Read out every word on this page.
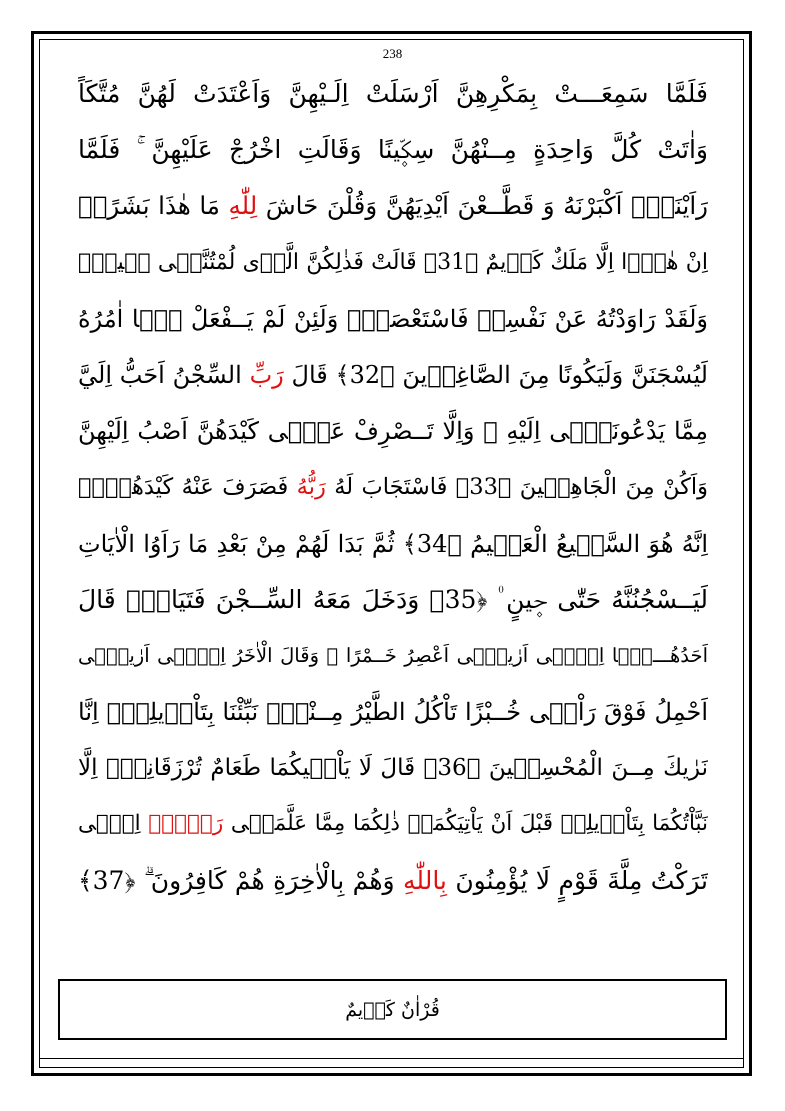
238
فَلَمَّا سَمِعَـــتْ بِمَكْرِهِنَّ اَرْسَلَتْ اِلَـيْهِنَّ وَاَعْتَدَتْ لَهُنَّ مُتَّكَاً
وَاٰتَتْ كُلَّ وَاحِدَةٍ مِــنْهُنَّ سِكّ۪ينًا وَقَالَتِ اخْرُجْ عَلَيْهِنَّ ۚ فَلَمَّا
رَاَيْنَهُۤ اَكْبَرْنَهُ وَ قَطَّــعْنَ اَيْدِيَهُنَّ وَقُلْنَ حَاشَ لِلّٰهِ مَا هٰذَا بَشَرًاۜ
اِنْ هٰذَۤا اِلَّا مَلَكٌ كَر۪يمٌ ﴿31﴾ قَالَتْ فَذٰلِكُنَّ الَّذ۪ى لُمْتُنَّن۪ى ف۪يهِۜ
وَلَقَدْ رَاوَدْتُهُ عَنْ نَفْسِه۪ فَاسْتَعْصَمَۜ وَلَئِنْ لَمْ يَــفْعَلْ مَۤا اٰمُرُهُ
لَيُسْجَنَنَّ وَلَيَكُونًا مِنَ الصَّاغِر۪ينَ ﴿32﴾ قَالَ رَبِّ السِّجْنُ اَحَبُّ اِلَيَّ
مِمَّا يَدْعُونَن۪ۤى اِلَيْهِ ۚ وَاِلَّا تَــصْرِفْ عَنّ۪ى كَيْدَهُنَّ اَصْبُ اِلَيْهِنَّ
وَاَكُنْ مِنَ الْجَاهِل۪ينَ ﴿33﴾ فَاسْتَجَابَ لَهُ رَبُّهُ فَصَرَفَ عَنْهُ كَيْدَهُنَّۜ
اِنَّهُ هُوَ السَّم۪يعُ الْعَل۪يمُ ﴿34﴾ ثُمَّ بَدَا لَهُمْ مِنْ بَعْدِ مَا رَاَوُا الْاٰيَاتِ
لَيَــسْجُنُنَّهُ حَتّٰى ح۪ينٍ ۠ ﴿35﴾ وَدَخَلَ مَعَهُ السِّــجْنَ فَتَيَانِۜ قَالَ
اَحَدُهُـــمَۤا اِنّ۪ۤى اَرٰين۪ۤى اَعْصِرُ خَــمْرًا ۚ وَقَالَ الْاٰخَرُ اِنّ۪ۤى اَرٰين۪ۤى
اَحْمِلُ فَوْقَ رَاْس۪ى خُــبْزًا تَاْكُلُ الطَّيْرُ مِــنْهُۜ نَبِّئْنَا بِتَاْو۪يلِه۪ۚ اِنَّا
نَرٰيكَ مِــنَ الْمُحْسِن۪ينَ ﴿36﴾ قَالَ لَا يَاْت۪يكُمَا طَعَامٌ تُرْزَقَانِه۪ۤ اِلَّا
نَبَّاْتُكُمَا بِتَاْو۪يلِه۪ قَبْلَ اَنْ يَاْتِيَكُمَاۜ ذٰلِكُمَا مِمَّا عَلَّمَن۪ى رَبّ۪ىۜ اِنّ۪ى
تَرَكْتُ مِلَّةَ قَوْمٍ لَا يُؤْمِنُونَ بِاللّٰهِ وَهُمْ بِالْاٰخِرَةِ هُمْ كَافِرُونَ ۗ ﴿37﴾
قُرْاٰنٌ كَر۪يمٌ
